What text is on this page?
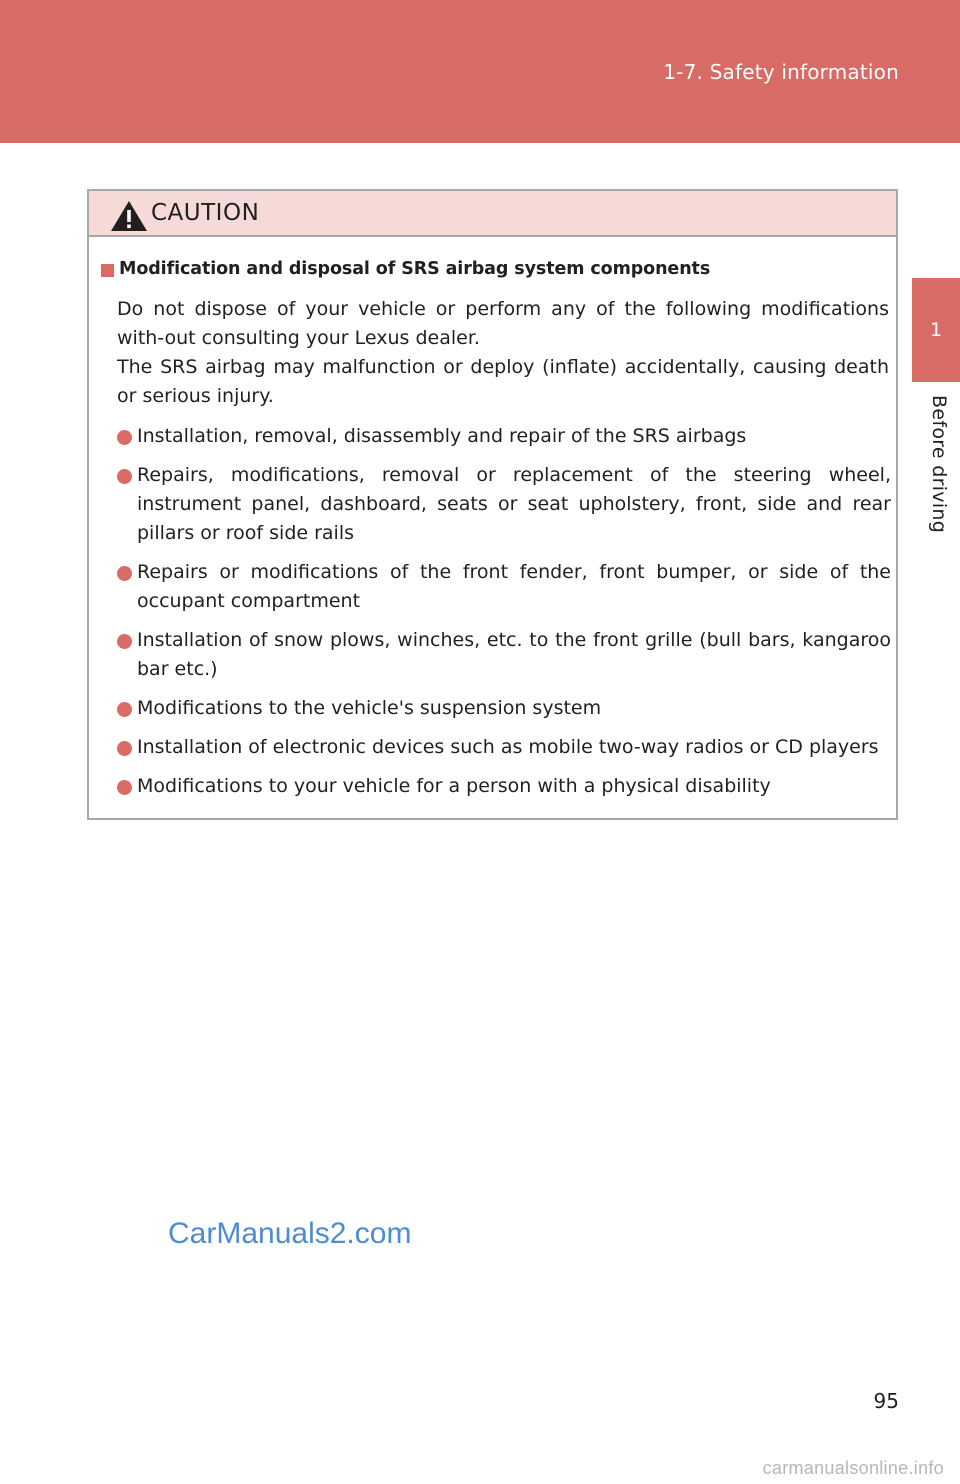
1-7. Safety information
1
Before driving
CAUTION
Modification and disposal of SRS airbag system components
Do not dispose of your vehicle or perform any of the following modifications with-out consulting your Lexus dealer.
The SRS airbag may malfunction or deploy (inflate) accidentally, causing death or serious injury.
Installation, removal, disassembly and repair of the SRS airbags
Repairs, modifications, removal or replacement of the steering wheel, instrument panel, dashboard, seats or seat upholstery, front, side and rear pillars or roof side rails
Repairs or modifications of the front fender, front bumper, or side of the occupant compartment
Installation of snow plows, winches, etc. to the front grille (bull bars, kangaroo bar etc.)
Modifications to the vehicle's suspension system
Installation of electronic devices such as mobile two-way radios or CD players
Modifications to your vehicle for a person with a physical disability
CarManuals2.com
95
carmanualsonline.info
